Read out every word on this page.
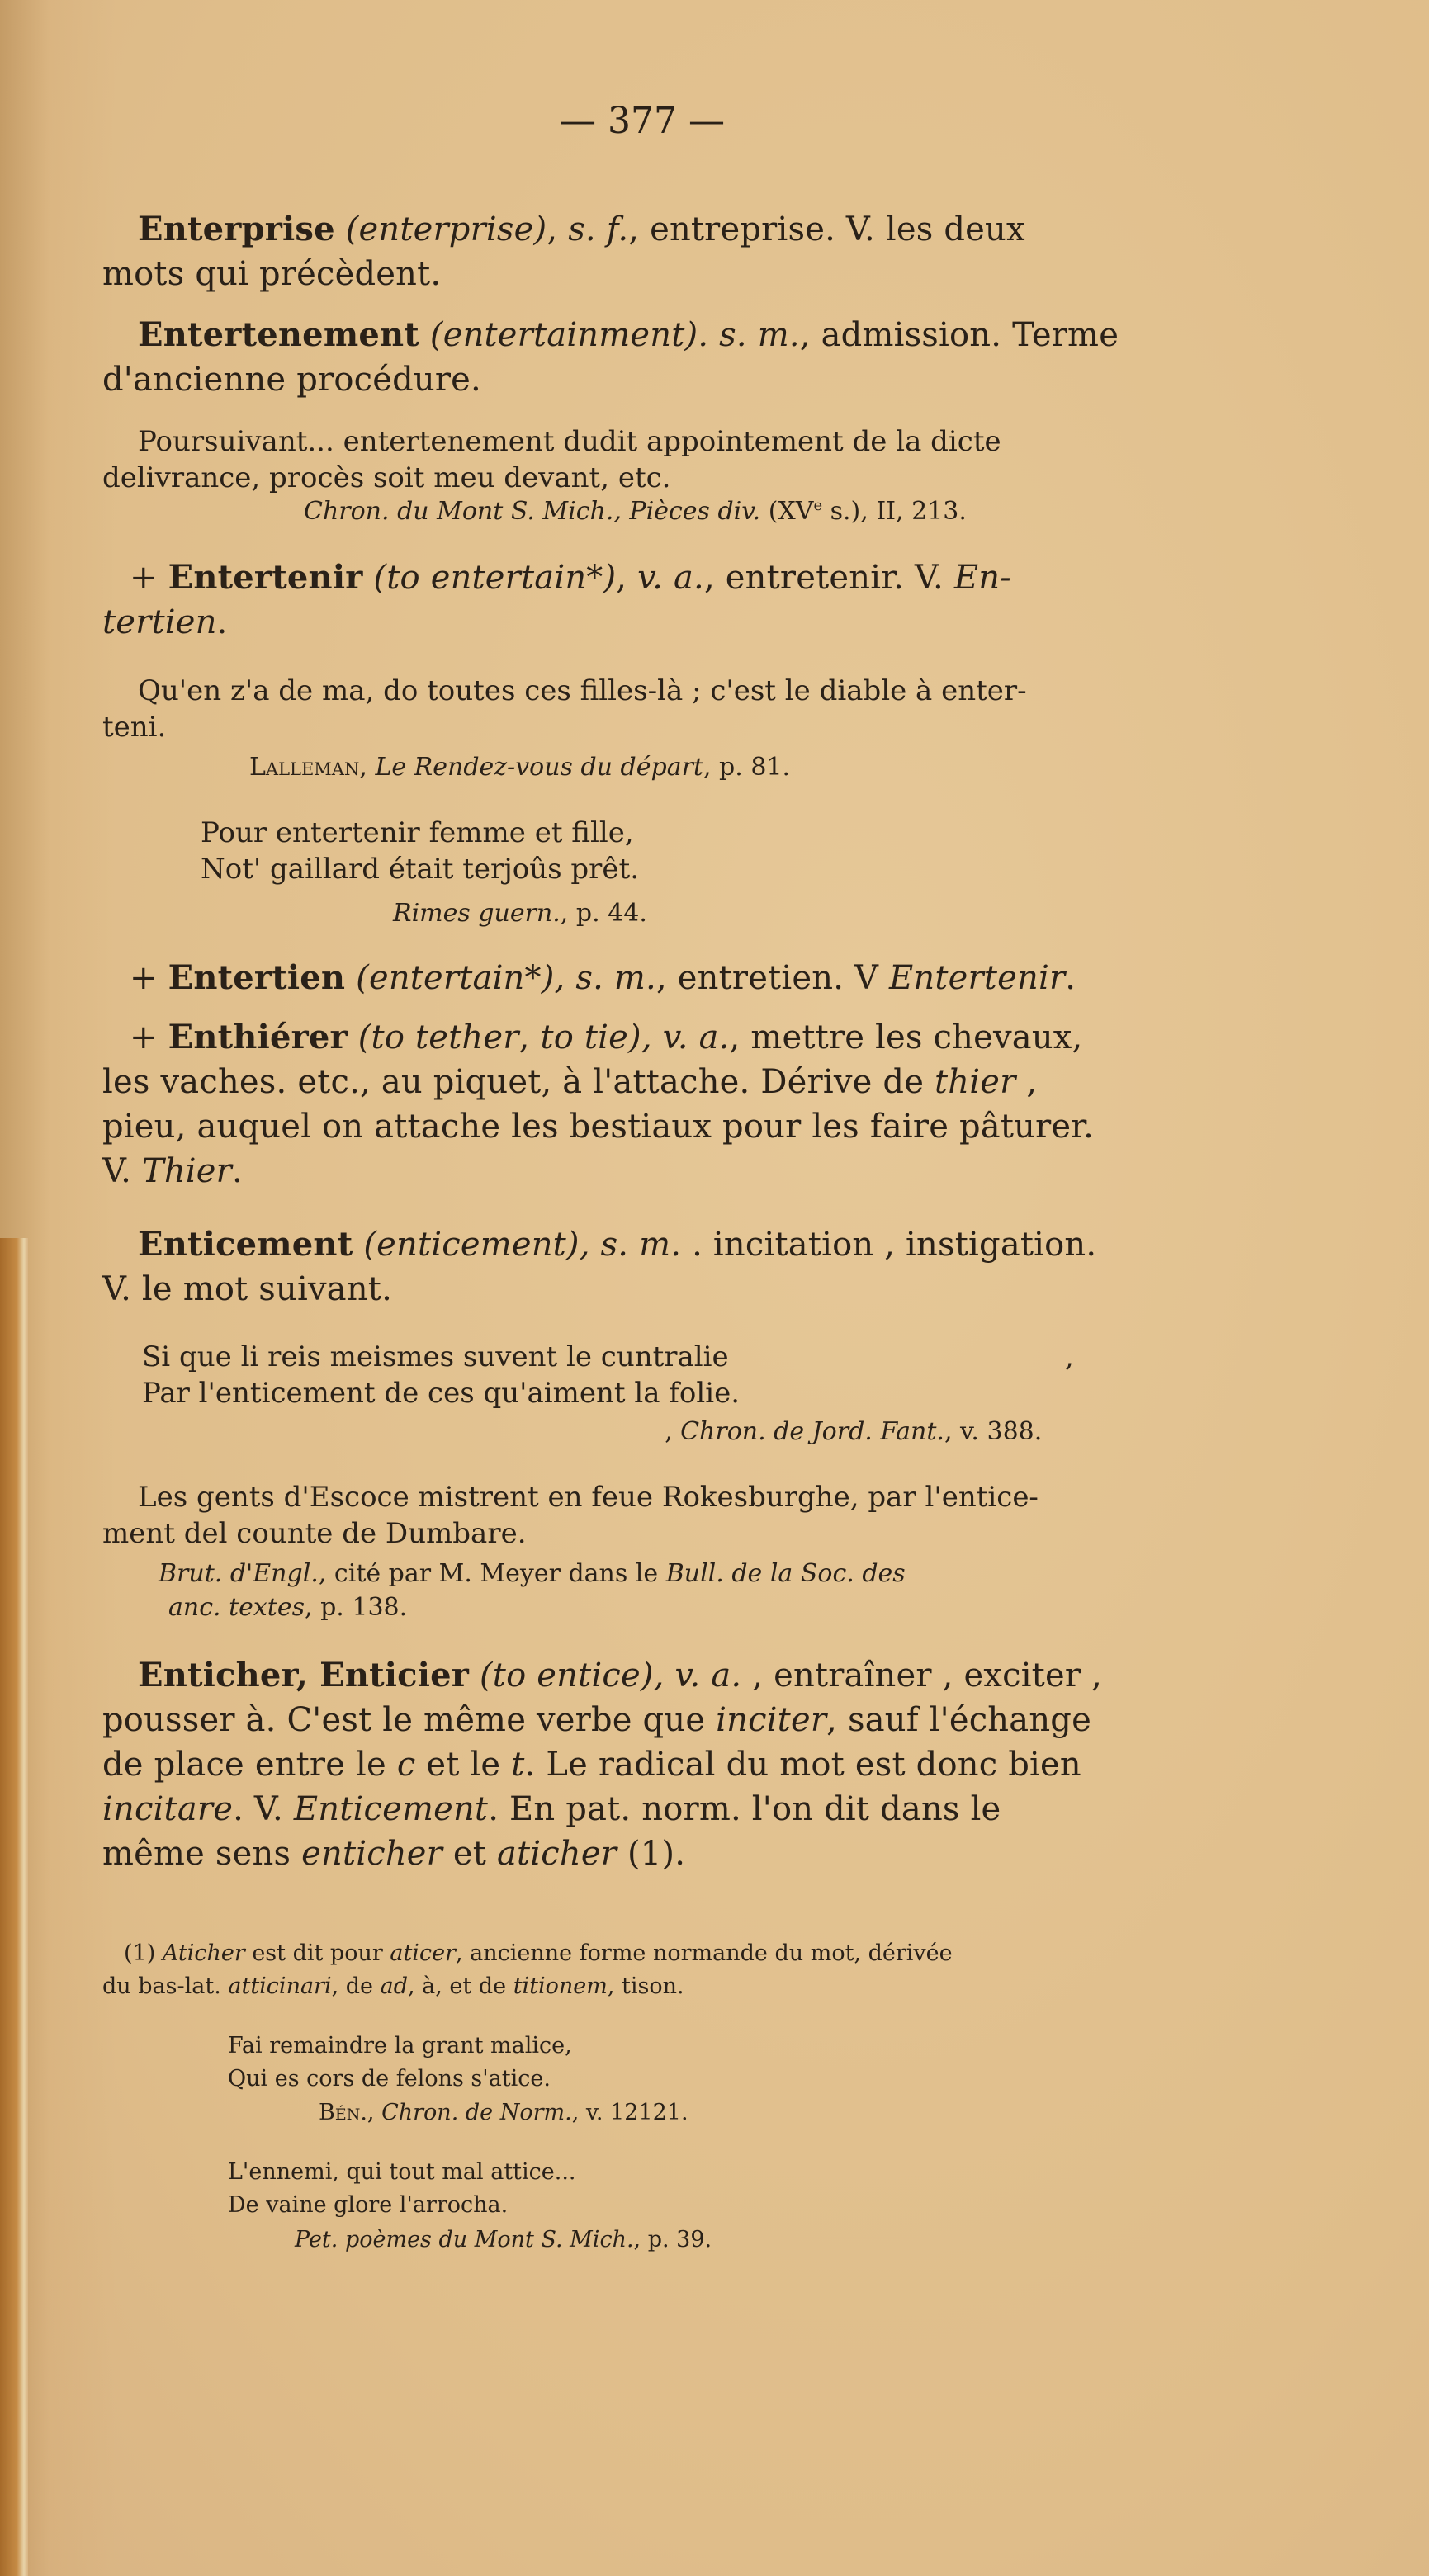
— 377 —
Enterprise (enterprise), s. f., entreprise. V. les deux
mots qui précèdent.
Entertenement (entertainment). s. m., admission. Terme
d'ancienne procédure.
Poursuivant... entertenement dudit appointement de la dicte
delivrance, procès soit meu devant, etc.
Chron. du Mont S. Mich., Pièces div. (XVe s.), II, 213.
+ Entertenir (to entertain*), v. a., entretenir. V. En-
tertien.
Qu'en z'a de ma, do toutes ces filles-là ; c'est le diable à enter-
teni.
Lalleman, Le Rendez-vous du départ, p. 81.
Pour entertenir femme et fille,
Not' gaillard était terjoûs prêt.
Rimes guern., p. 44.
+ Entertien (entertain*), s. m., entretien. V Entertenir.
+ Enthiérer (to tether, to tie), v. a., mettre les chevaux,
les vaches. etc., au piquet, à l'attache. Dérive de thier ,
pieu, auquel on attache les bestiaux pour les faire pâturer.
V. Thier.
Enticement (enticement), s. m. . incitation , instigation.
V. le mot suivant.
Si que li reis meismes suvent le cuntralie	,
Par l'enticement de ces qu'aiment la folie.
‚ Chron. de Jord. Fant., v. 388.
Les gents d'Escoce mistrent en feue Rokesburghe, par l'entice-
ment del counte de Dumbare.
Brut. d'Engl., cité par M. Meyer dans le Bull. de la Soc. des
anc. textes, p. 138.
Enticher, Enticier (to entice), v. a. , entraîner , exciter ,
pousser à. C'est le même verbe que inciter, sauf l'échange
de place entre le c et le t. Le radical du mot est donc bien
incitare. V. Enticement. En pat. norm. l'on dit dans le
même sens enticher et aticher (1).
(1) Aticher est dit pour aticer, ancienne forme normande du mot, dérivée
du bas-lat. atticinari, de ad, à, et de titionem, tison.
Fai remaindre la grant malice,
Qui es cors de felons s'atice.
Bén., Chron. de Norm., v. 12121.
L'ennemi, qui tout mal attice...
De vaine glore l'arrocha.
Pet. poèmes du Mont S. Mich., p. 39.
